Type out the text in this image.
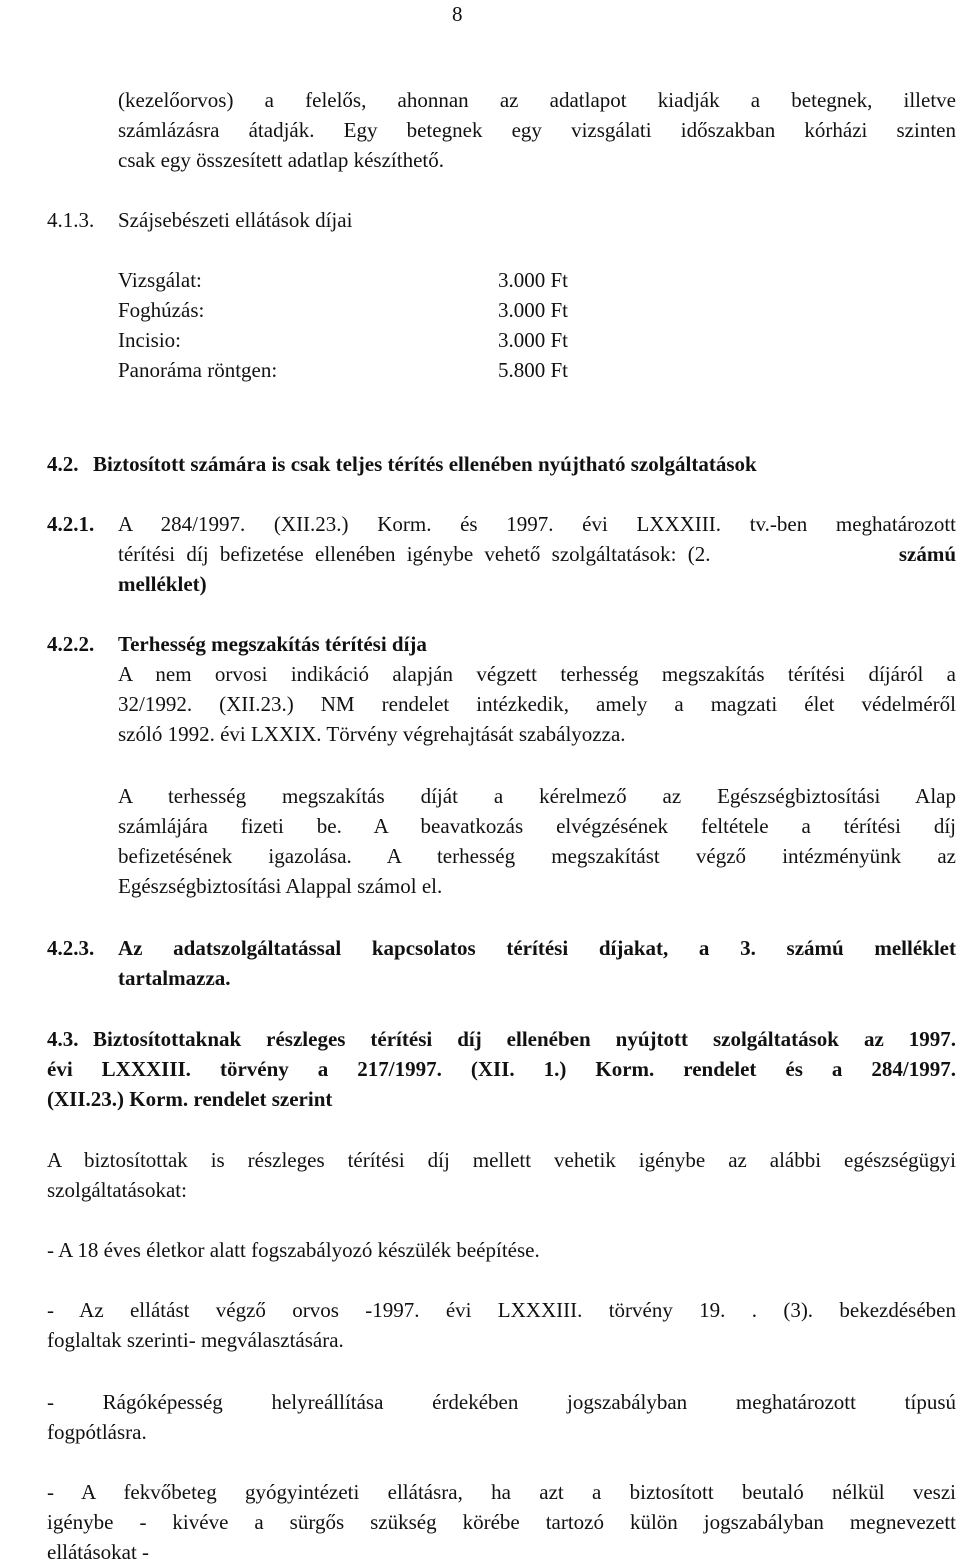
8
(kezelőorvos) a felelős, ahonnan az adatlapot kiadják a betegnek, illetve
számlázásra átadják. Egy betegnek egy vizsgálati időszakban kórházi szinten
csak egy összesített adatlap készíthető.
4.1.3. Szájsebészeti ellátások díjai
Vizsgálat:	3.000 Ft
Foghúzás:	3.000 Ft
Incisio:	3.000 Ft
Panoráma röntgen:	5.800 Ft
4.2. Biztosított számára is csak teljes térítés ellenében nyújtható szolgáltatások
4.2.1. A 284/1997. (XII.23.) Korm. és 1997. évi LXXXIII. tv.-ben meghatározott
térítési díj befizetése ellenében igénybe vehető szolgáltatások: (2.	számú
melléklet)
4.2.2. Terhesség megszakítás térítési díja
A nem orvosi indikáció alapján végzett terhesség megszakítás térítési díjáról a
32/1992. (XII.23.) NM rendelet intézkedik, amely a magzati élet védelméről
szóló 1992. évi LXXIX. Törvény végrehajtását szabályozza.
A terhesség megszakítás díját a kérelmező az Egészségbiztosítási Alap
számlájára fizeti be. A beavatkozás elvégzésének feltétele a térítési díj
befizetésének igazolása. A terhesség megszakítást végző intézményünk az
Egészségbiztosítási Alappal számol el.
4.2.3. Az adatszolgáltatással kapcsolatos térítési díjakat, a 3. számú melléklet
tartalmazza.
4.3. Biztosítottaknak részleges térítési díj ellenében nyújtott szolgáltatások az 1997.
évi LXXXIII. törvény a 217/1997. (XII. 1.) Korm. rendelet és a 284/1997.
(XII.23.) Korm. rendelet szerint
A biztosítottak is részleges térítési díj mellett vehetik igénybe az alábbi egészségügyi
szolgáltatásokat:
- A 18 éves életkor alatt fogszabályozó készülék beépítése.
- Az ellátást végző orvos -1997. évi LXXXIII. törvény 19. . (3). bekezdésében
foglaltak szerinti- megválasztására.
- Rágóképesség helyreállítása érdekében jogszabályban meghatározott típusú
fogpótlásra.
- A fekvőbeteg gyógyintézeti ellátásra, ha azt a biztosított beutaló nélkül veszi
igénybe - kivéve a sürgős szükség körébe tartozó külön jogszabályban megnevezett
ellátásokat -
